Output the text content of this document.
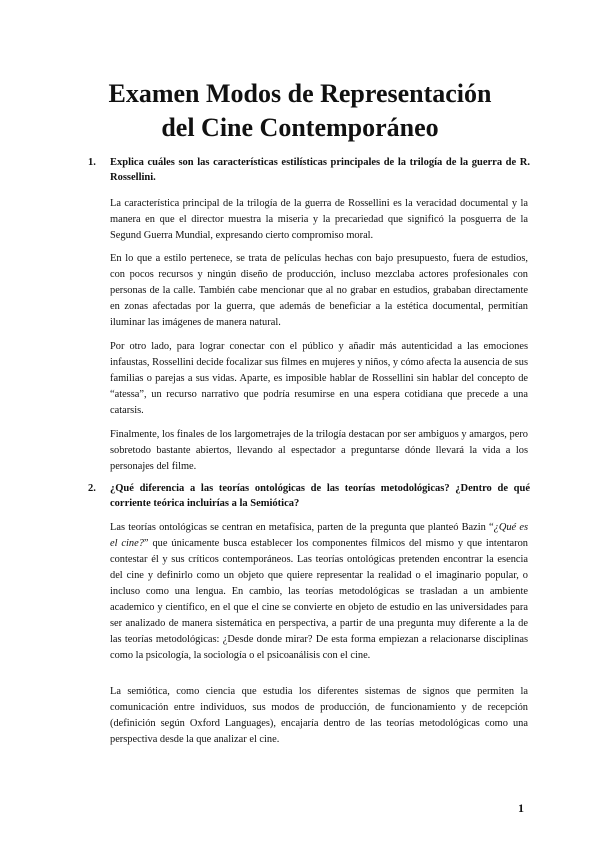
Examen Modos de Representación
del Cine Contemporáneo
1. Explica cuáles son las características estilísticas principales de la trilogía de la guerra de R. Rossellini.

La característica principal de la trilogía de la guerra de Rossellini es la veracidad documental y la manera en que el director muestra la miseria y la precariedad que significó la posguerra de la Segund Guerra Mundial, expresando cierto compromiso moral.

En lo que a estilo pertenece, se trata de películas hechas con bajo presupuesto, fuera de estudios, con pocos recursos y ningún diseño de producción, incluso mezclaba actores profesionales con personas de la calle. También cabe mencionar que al no grabar en estudios, grababan directamente en zonas afectadas por la guerra, que además de beneficiar a la estética documental, permitían iluminar las imágenes de manera natural.

Por otro lado, para lograr conectar con el público y añadir más autenticidad a las emociones infaustas, Rossellini decide focalizar sus filmes en mujeres y niños, y cómo afecta la ausencia de sus familias o parejas a sus vidas. Aparte, es imposible hablar de Rossellini sin hablar del concepto de “atessa”, un recurso narrativo que podría resumirse en una espera cotidiana que precede a una catarsis.

Finalmente, los finales de los largometrajes de la trilogía destacan por ser ambiguos y amargos, pero sobretodo bastante abiertos, llevando al espectador a preguntarse dónde llevará la vida a los personajes del filme.

2. ¿Qué diferencia a las teorías ontológicas de las teorías metodológicas? ¿Dentro de qué corriente teórica incluirías a la Semiótica?

Las teorías ontológicas se centran en metafísica, parten de la pregunta que planteó Bazin “¿Qué es el cine?” que únicamente busca establecer los componentes fílmicos del mismo y que intentaron contestar él y sus críticos contemporáneos. Las teorías ontológicas pretenden encontrar la esencia del cine y definirlo como un objeto que quiere representar la realidad o el imaginario popular, o incluso como una lengua. En cambio, las teorías metodológicas se trasladan a un ambiente academico y científico, en el que el cine se convierte en objeto de estudio en las universidades para ser analizado de manera sistemática en perspectiva, a partir de una pregunta muy diferente a la de las teorías metodológicas: ¿Desde donde mirar? De esta forma empiezan a relacionarse disciplinas como la psicología, la sociología o el psicoanálisis con el cine.

La semiótica, como ciencia que estudia los diferentes sistemas de signos que permiten la comunicación entre individuos, sus modos de producción, de funcionamiento y de recepción (definición según Oxford Languages), encajaría dentro de las teorías metodológicas como una perspectiva desde la que analizar el cine.

1
